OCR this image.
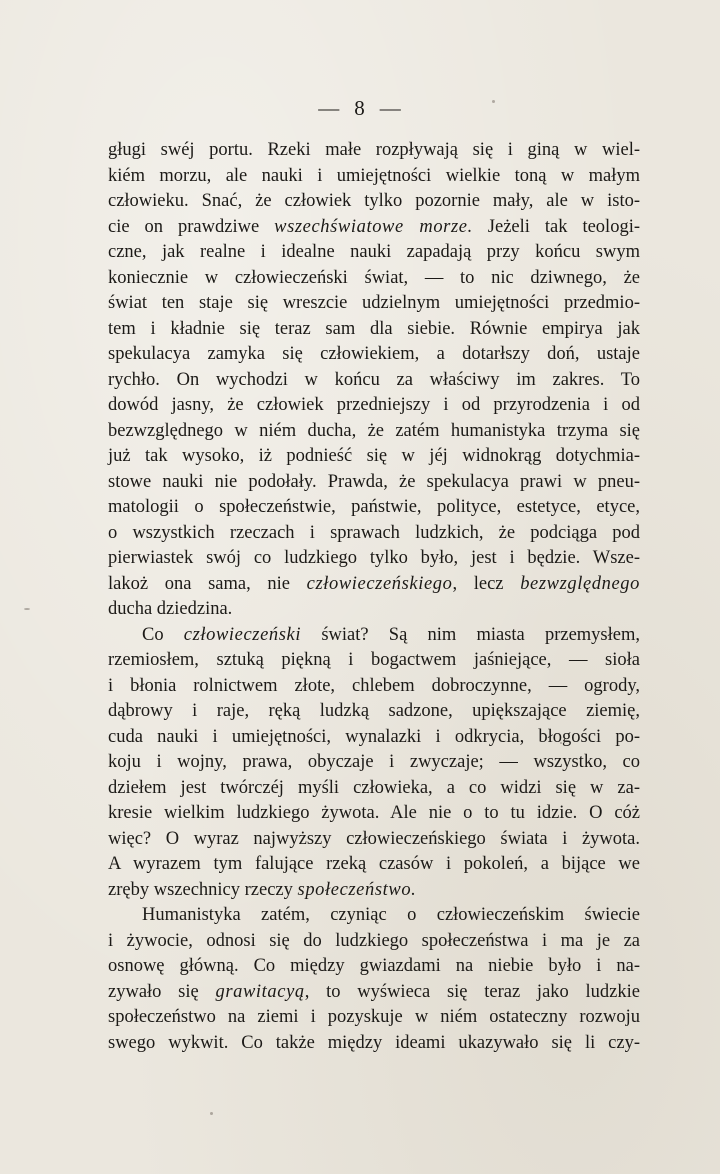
— 8 —
gługi swéj portu. Rzeki małe rozpływają się i giną w wiel-
kiém morzu, ale nauki i umiejętności wielkie toną w małym
człowieku. Snać, że człowiek tylko pozornie mały, ale w isto-
cie on prawdziwe wszechświatowe morze. Jeżeli tak teologi-
czne, jak realne i idealne nauki zapadają przy końcu swym
koniecznie w człowieczeński świat, — to nic dziwnego, że
świat ten staje się wreszcie udzielnym umiejętności przedmio-
tem i kładnie się teraz sam dla siebie. Równie empirya jak
spekulacya zamyka się człowiekiem, a dotarłszy doń, ustaje
rychło. On wychodzi w końcu za właściwy im zakres. To
dowód jasny, że człowiek przedniejszy i od przyrodzenia i od
bezwzględnego w niém ducha, że zatém humanistyka trzyma się
już tak wysoko, iż podnieść się w jéj widnokrąg dotychmia-
stowe nauki nie podołały. Prawda, że spekulacya prawi w pneu-
matologii o społeczeństwie, państwie, polityce, estetyce, etyce,
o wszystkich rzeczach i sprawach ludzkich, że podciąga pod
pierwiastek swój co ludzkiego tylko było, jest i będzie. Wsze-
lakoż ona sama, nie człowieczeńskiego, lecz bezwzględnego
ducha dziedzina.
Co człowieczeński świat? Są nim miasta przemysłem,
rzemiosłem, sztuką piękną i bogactwem jaśniejące, — sioła
i błonia rolnictwem złote, chlebem dobroczynne, — ogrody,
dąbrowy i raje, ręką ludzką sadzone, upiększające ziemię,
cuda nauki i umiejętności, wynalazki i odkrycia, błogości po-
koju i wojny, prawa, obyczaje i zwyczaje; — wszystko, co
dziełem jest twórczéj myśli człowieka, a co widzi się w za-
kresie wielkim ludzkiego żywota. Ale nie o to tu idzie. O cóż
więc? O wyraz najwyższy człowieczeńskiego świata i żywota.
A wyrazem tym falujące rzeką czasów i pokoleń, a bijące we
zręby wszechnicy rzeczy społeczeństwo.
Humanistyka zatém, czyniąc o człowieczeńskim świecie
i żywocie, odnosi się do ludzkiego społeczeństwa i ma je za
osnowę główną. Co między gwiazdami na niebie było i na-
zywało się grawitacyą, to wyświeca się teraz jako ludzkie
społeczeństwo na ziemi i pozyskuje w niém ostateczny rozwoju
swego wykwit. Co także między ideami ukazywało się li czy-
